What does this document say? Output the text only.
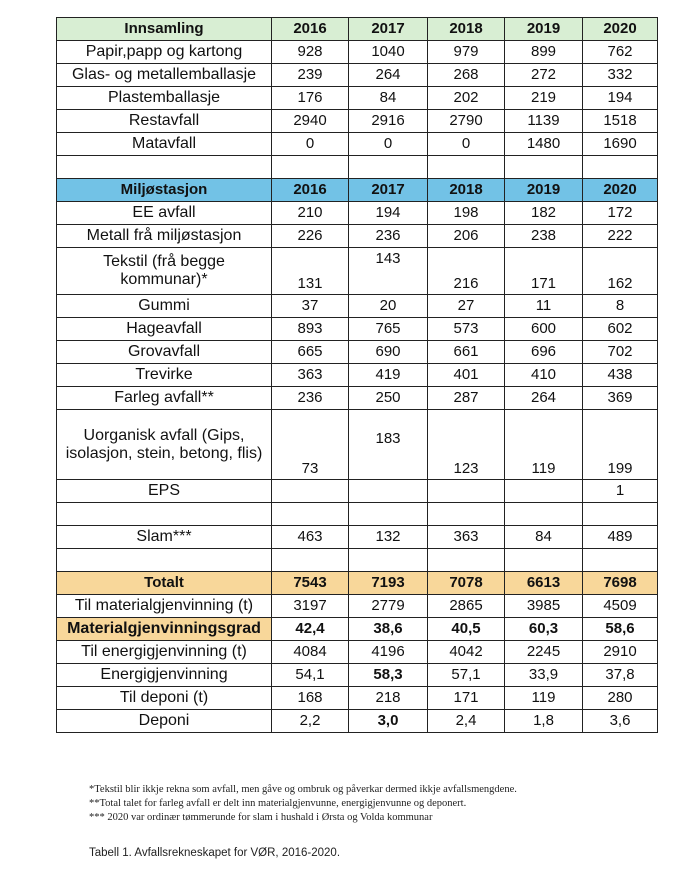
Innsamling	2016	2017	2018	2019	2020
Papir,papp og kartong	928	1040	979	899	762
Glas- og metallemballasje	239	264	268	272	332
Plastemballasje	176	84	202	219	194
Restavfall	2940	2916	2790	1139	1518
Matavfall	0	0	0	1480	1690

Miljøstasjon	2016	2017	2018	2019	2020
EE avfall	210	194	198	182	172
Metall frå miljøstasjon	226	236	206	238	222
Tekstil (frå begge kommunar)*	131	143	216	171	162
Gummi	37	20	27	11	8
Hageavfall	893	765	573	600	602
Grovavfall	665	690	661	696	702
Trevirke	363	419	401	410	438
Farleg avfall**	236	250	287	264	369
Uorganisk avfall (Gips, isolasjon, stein, betong, flis)	73	183	123	119	199
EPS					1

Slam***	463	132	363	84	489

Totalt	7543	7193	7078	6613	7698
Til materialgjenvinning (t)	3197	2779	2865	3985	4509
Materialgjenvinningsgrad	42,4	38,6	40,5	60,3	58,6
Til energigjenvinning (t)	4084	4196	4042	2245	2910
Energigjenvinning	54,1	58,3	57,1	33,9	37,8
Til deponi (t)	168	218	171	119	280
Deponi	2,2	3,0	2,4	1,8	3,6
*Tekstil blir ikkje rekna som avfall, men gåve og ombruk og påverkar dermed ikkje avfallsmengdene.
**Total talet for farleg avfall er delt inn materialgjenvunne, energigjenvunne og deponert.
*** 2020 var ordinær tømmerunde for slam i hushald i Ørsta og Volda kommunar
Tabell 1. Avfallsrekneskapet for VØR, 2016-2020.
